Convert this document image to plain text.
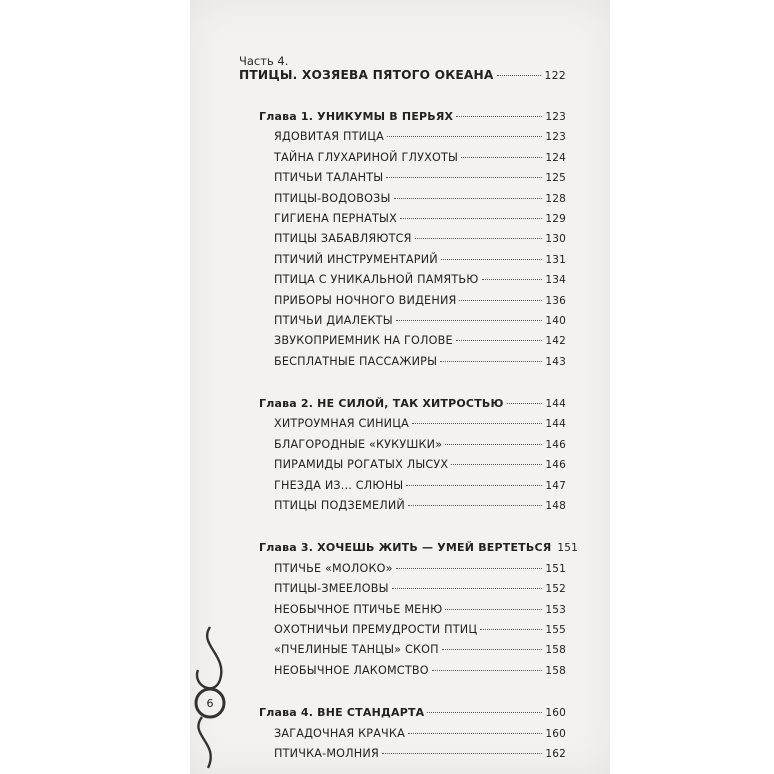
Часть 4.

ПТИЦЫ. ХОЗЯЕВА ПЯТОГО ОКЕАНА	122
Глава 1. УНИКУМЫ В ПЕРЬЯХ	123
ЯДОВИТАЯ ПТИЦА	123
ТАЙНА ГЛУХАРИНОЙ ГЛУХОТЫ	124
ПТИЧЬИ ТАЛАНТЫ	125
ПТИЦЫ-ВОДОВОЗЫ	128
ГИГИЕНА ПЕРНАТЫХ	129
ПТИЦЫ ЗАБАВЛЯЮТСЯ	130
ПТИЧИЙ ИНСТРУМЕНТАРИЙ	131
ПТИЦА С УНИКАЛЬНОЙ ПАМЯТЬЮ	134
ПРИБОРЫ НОЧНОГО ВИДЕНИЯ	136
ПТИЧЬИ ДИАЛЕКТЫ	140
ЗВУКОПРИЕМНИК НА ГОЛОВЕ	142
БЕСПЛАТНЫЕ ПАССАЖИРЫ	143
Глава 2. НЕ СИЛОЙ, ТАК ХИТРОСТЬЮ	144
ХИТРОУМНАЯ СИНИЦА	144
БЛАГОРОДНЫЕ «КУКУШКИ»	146
ПИРАМИДЫ РОГАТЫХ ЛЫСУХ	146
ГНЕЗДА ИЗ... СЛЮНЫ	147
ПТИЦЫ ПОДЗЕМЕЛИЙ	148
Глава 3. ХОЧЕШЬ ЖИТЬ — УМЕЙ ВЕРТЕТЬСЯ 151
ПТИЧЬЕ «МОЛОКО»	151
ПТИЦЫ-ЗМЕЕЛОВЫ	152
НЕОБЫЧНОЕ ПТИЧЬЕ МЕНЮ	153
ОХОТНИЧЬИ ПРЕМУДРОСТИ ПТИЦ	155
«ПЧЕЛИНЫЕ ТАНЦЫ» СКОП	158
НЕОБЫЧНОЕ ЛАКОМСТВО	158
Глава 4. ВНЕ СТАНДАРТА	160
ЗАГАДОЧНАЯ КРАЧКА	160
ПТИЧКА-МОЛНИЯ	162
6
